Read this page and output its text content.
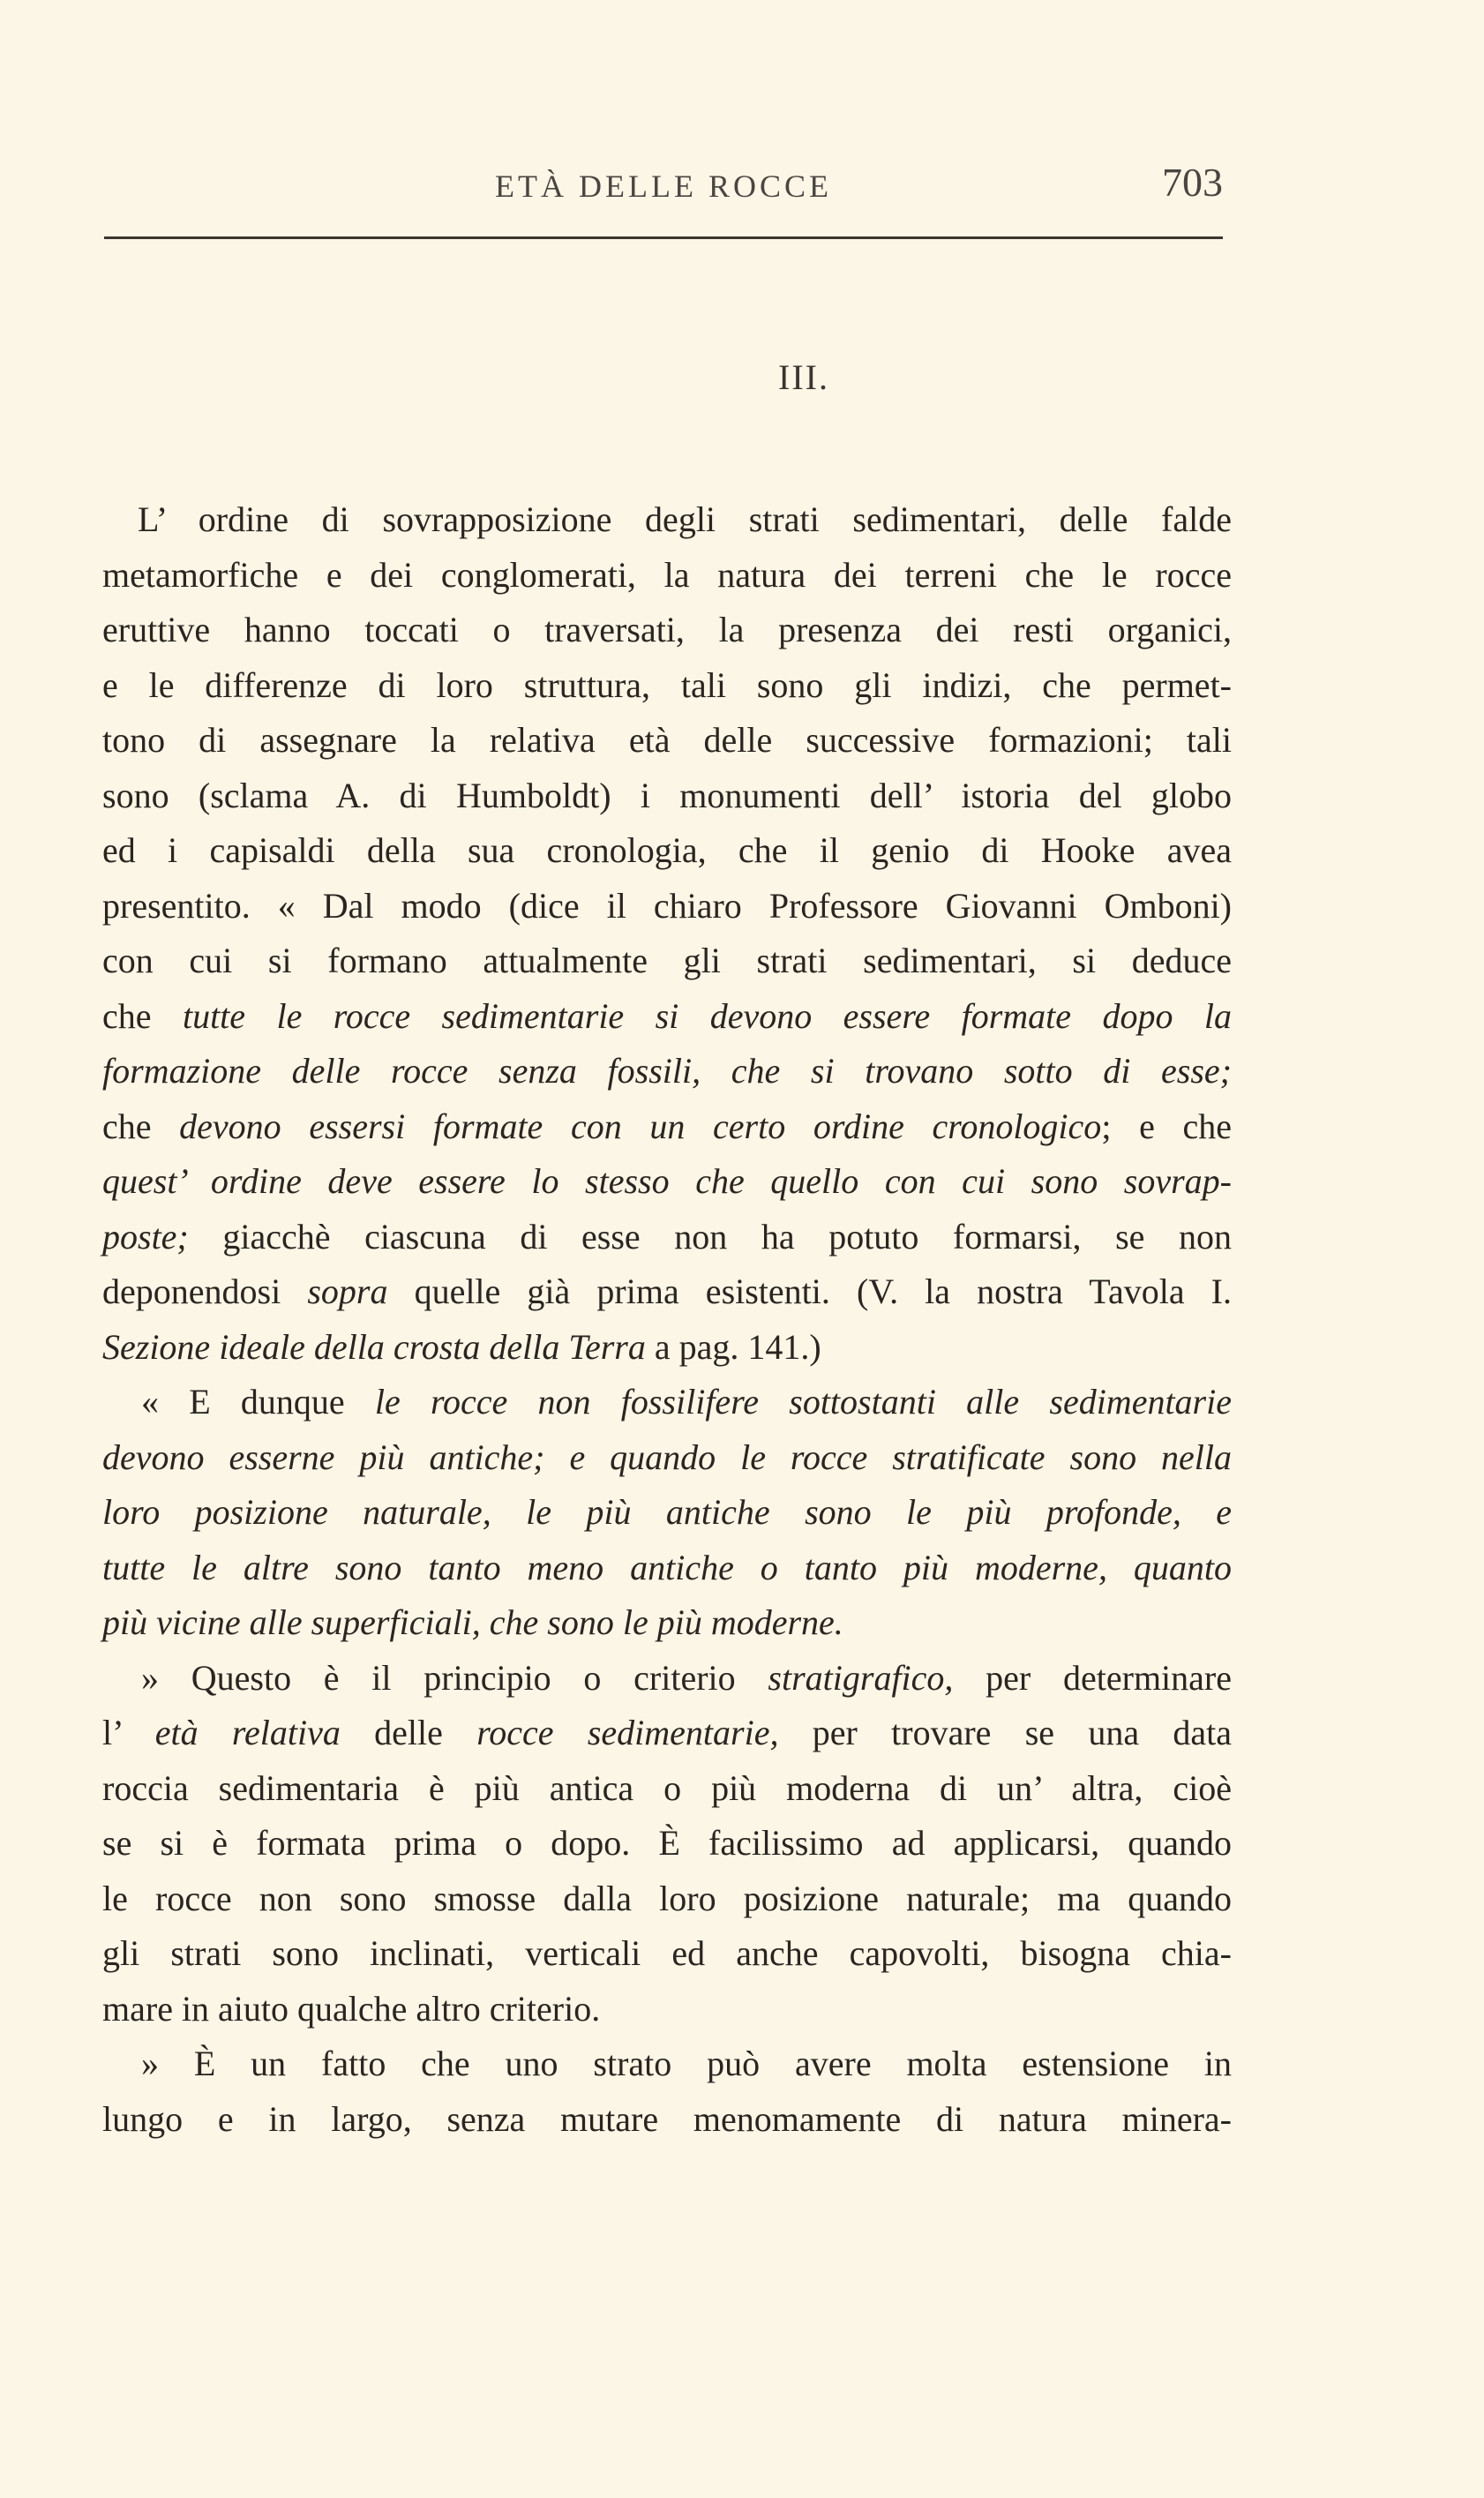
ETÀ DELLE ROCCE	703
III.
L’ ordine di sovrapposizione degli strati sedimentari, delle falde
metamorfiche e dei conglomerati, la natura dei terreni che le rocce
eruttive hanno toccati o traversati, la presenza dei resti organici,
e le differenze di loro struttura, tali sono gli indizi, che permet-
tono di assegnare la relativa età delle successive formazioni; tali
sono (sclama A. di Humboldt) i monumenti dell’ istoria del globo
ed i capisaldi della sua cronologia, che il genio di Hooke avea
presentito. « Dal modo (dice il chiaro Professore Giovanni Omboni)
con cui si formano attualmente gli strati sedimentari, si deduce
che tutte le rocce sedimentarie si devono essere formate dopo la
formazione delle rocce senza fossili, che si trovano sotto di esse;
che devono essersi formate con un certo ordine cronologico; e che
quest’ ordine deve essere lo stesso che quello con cui sono sovrap-
poste; giacchè ciascuna di esse non ha potuto formarsi, se non
deponendosi sopra quelle già prima esistenti. (V. la nostra Tavola I.
Sezione ideale della crosta della Terra a pag. 141.)
« E dunque le rocce non fossilifere sottostanti alle sedimentarie
devono esserne più antiche; e quando le rocce stratificate sono nella
loro posizione naturale, le più antiche sono le più profonde, e
tutte le altre sono tanto meno antiche o tanto più moderne, quanto
più vicine alle superficiali, che sono le più moderne.
» Questo è il principio o criterio stratigrafico, per determinare
l’ età relativa delle rocce sedimentarie, per trovare se una data
roccia sedimentaria è più antica o più moderna di un’ altra, cioè
se si è formata prima o dopo. È facilissimo ad applicarsi, quando
le rocce non sono smosse dalla loro posizione naturale; ma quando
gli strati sono inclinati, verticali ed anche capovolti, bisogna chia-
mare in aiuto qualche altro criterio.
» È un fatto che uno strato può avere molta estensione in
lungo e in largo, senza mutare menomamente di natura minera-
